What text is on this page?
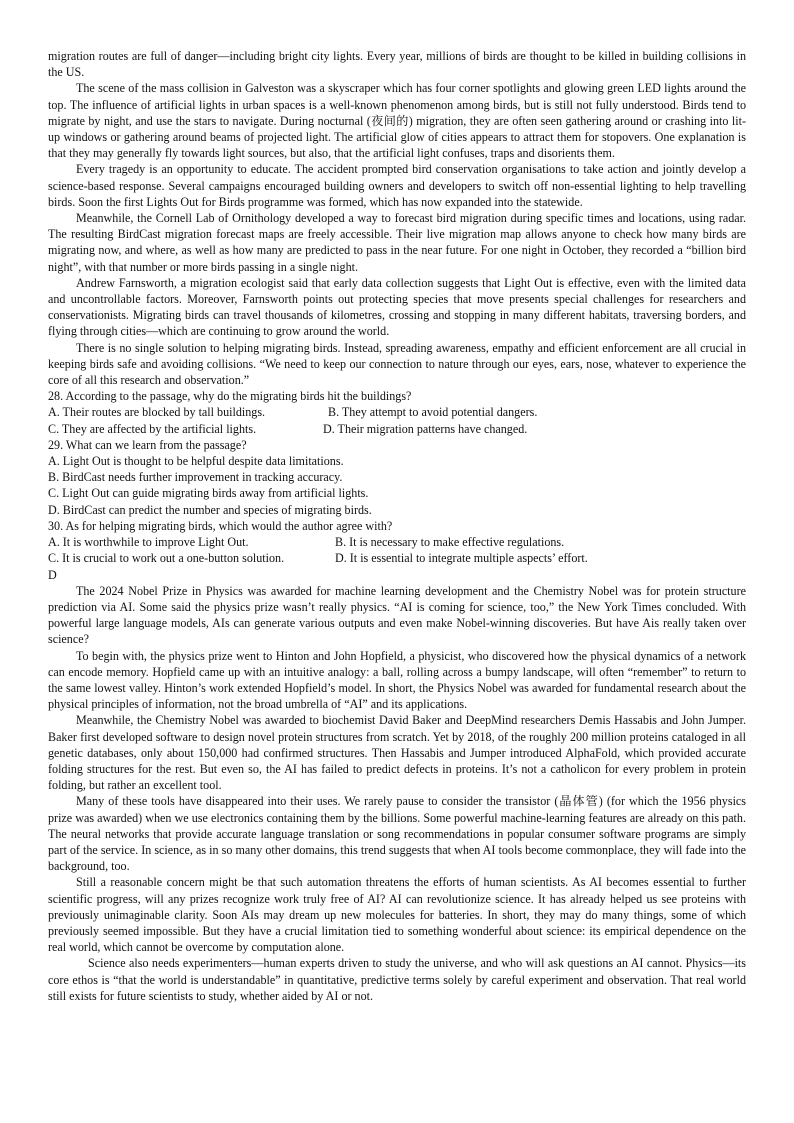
migration routes are full of danger—including bright city lights. Every year, millions of birds are thought to be killed in building collisions in the US.

The scene of the mass collision in Galveston was a skyscraper which has four corner spotlights and glowing green LED lights around the top. The influence of artificial lights in urban spaces is a well-known phenomenon among birds, but is still not fully understood. Birds tend to migrate by night, and use the stars to navigate. During nocturnal (夜间的) migration, they are often seen gathering around or crashing into lit-up windows or gathering around beams of projected light. The artificial glow of cities appears to attract them for stopovers. One explanation is that they may generally fly towards light sources, but also, that the artificial light confuses, traps and disorients them.

Every tragedy is an opportunity to educate. The accident prompted bird conservation organisations to take action and jointly develop a science-based response. Several campaigns encouraged building owners and developers to switch off non-essential lighting to help travelling birds. Soon the first Lights Out for Birds programme was formed, which has now expanded into the statewide.

Meanwhile, the Cornell Lab of Ornithology developed a way to forecast bird migration during specific times and locations, using radar. The resulting BirdCast migration forecast maps are freely accessible. Their live migration map allows anyone to check how many birds are migrating now, and where, as well as how many are predicted to pass in the near future. For one night in October, they recorded a “billion bird night”, with that number or more birds passing in a single night.

Andrew Farnsworth, a migration ecologist said that early data collection suggests that Light Out is effective, even with the limited data and uncontrollable factors. Moreover, Farnsworth points out protecting species that move presents special challenges for researchers and conservationists. Migrating birds can travel thousands of kilometres, crossing and stopping in many different habitats, traversing borders, and flying through cities—which are continuing to grow around the world.

There is no single solution to helping migrating birds. Instead, spreading awareness, empathy and efficient enforcement are all crucial in keeping birds safe and avoiding collisions. “We need to keep our connection to nature through our eyes, ears, nose, whatever to experience the core of all this research and observation.”

28. According to the passage, why do the migrating birds hit the buildings?

A. Their routes are blocked by tall buildings.	B. They attempt to avoid potential dangers.
C. They are affected by the artificial lights.	D. Their migration patterns have changed.

29. What can we learn from the passage?

A. Light Out is thought to be helpful despite data limitations.

B. BirdCast needs further improvement in tracking accuracy.

C. Light Out can guide migrating birds away from artificial lights.

D. BirdCast can predict the number and species of migrating birds.

30. As for helping migrating birds, which would the author agree with?

A. It is worthwhile to improve Light Out.	B. It is necessary to make effective regulations.
C. It is crucial to work out a one-button solution.	D. It is essential to integrate multiple aspects’ effort.

D

The 2024 Nobel Prize in Physics was awarded for machine learning development and the Chemistry Nobel was for protein structure prediction via AI. Some said the physics prize wasn’t really physics. “AI is coming for science, too,” the New York Times concluded. With powerful large language models, AIs can generate various outputs and even make Nobel-winning discoveries. But have Ais really taken over science?

To begin with, the physics prize went to Hinton and John Hopfield, a physicist, who discovered how the physical dynamics of a network can encode memory. Hopfield came up with an intuitive analogy: a ball, rolling across a bumpy landscape, will often “remember” to return to the same lowest valley. Hinton’s work extended Hopfield’s model. In short, the Physics Nobel was awarded for fundamental research about the physical principles of information, not the broad umbrella of “AI” and its applications.

Meanwhile, the Chemistry Nobel was awarded to biochemist David Baker and DeepMind researchers Demis Hassabis and John Jumper. Baker first developed software to design novel protein structures from scratch. Yet by 2018, of the roughly 200 million proteins cataloged in all genetic databases, only about 150,000 had confirmed structures. Then Hassabis and Jumper introduced AlphaFold, which provided accurate folding structures for the rest. But even so, the AI has failed to predict defects in proteins. It’s not a catholicon for every problem in protein folding, but rather an excellent tool.

Many of these tools have disappeared into their uses. We rarely pause to consider the transistor (晶体管) (for which the 1956 physics prize was awarded) when we use electronics containing them by the billions. Some powerful machine-learning features are already on this path. The neural networks that provide accurate language translation or song recommendations in popular consumer software programs are simply part of the service. In science, as in so many other domains, this trend suggests that when AI tools become commonplace, they will fade into the background, too.

Still a reasonable concern might be that such automation threatens the efforts of human scientists. As AI becomes essential to further scientific progress, will any prizes recognize work truly free of AI? AI can revolutionize science. It has already helped us see proteins with previously unimaginable clarity. Soon AIs may dream up new molecules for batteries. In short, they may do many things, some of which previously seemed impossible. But they have a crucial limitation tied to something wonderful about science: its empirical dependence on the real world, which cannot be overcome by computation alone.

Science also needs experimenters—human experts driven to study the universe, and who will ask questions an AI cannot. Physics—its core ethos is “that the world is understandable” in quantitative, predictive terms solely by careful experiment and observation. That real world still exists for future scientists to study, whether aided by AI or not.
